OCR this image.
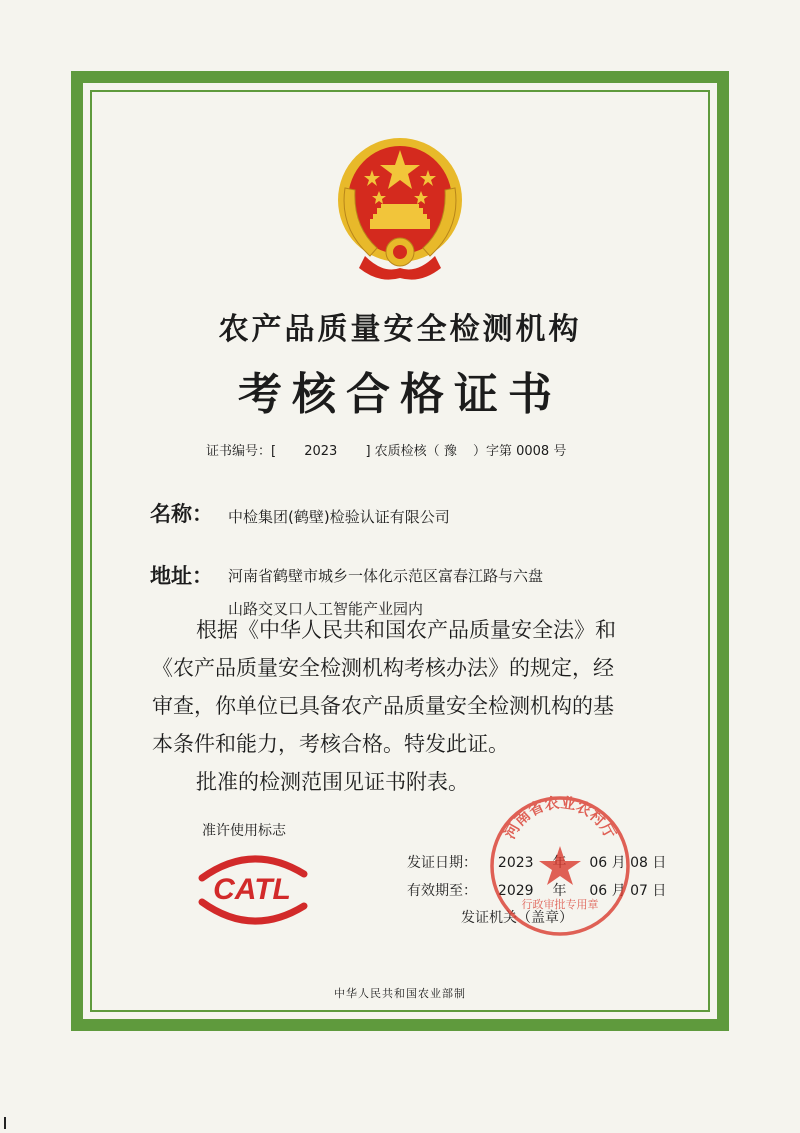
农产品质量安全检测机构
考核合格证书
证书编号：[ 2023 ] 农质检核（ 豫 ）字第 0008 号
名称： 中检集团(鹤壁)检验认证有限公司
地址： 河南省鹤壁市城乡一体化示范区富春江路与六盘
山路交叉口人工智能产业园内
根据《中华人民共和国农产品质量安全法》和
《农产品质量安全检测机构考核办法》的规定，经
审查，你单位已具备农产品质量安全检测机构的基
本条件和能力，考核合格。特发此证。
批准的检测范围见证书附表。
准许使用标志
CATL
发证日期： 2023	06 月 08 日
有效期至： 2029 年 06 月 07 日
发证机关（盖章）
河南省农业农村厅
行政审批专用章
中华人民共和国农业部制
